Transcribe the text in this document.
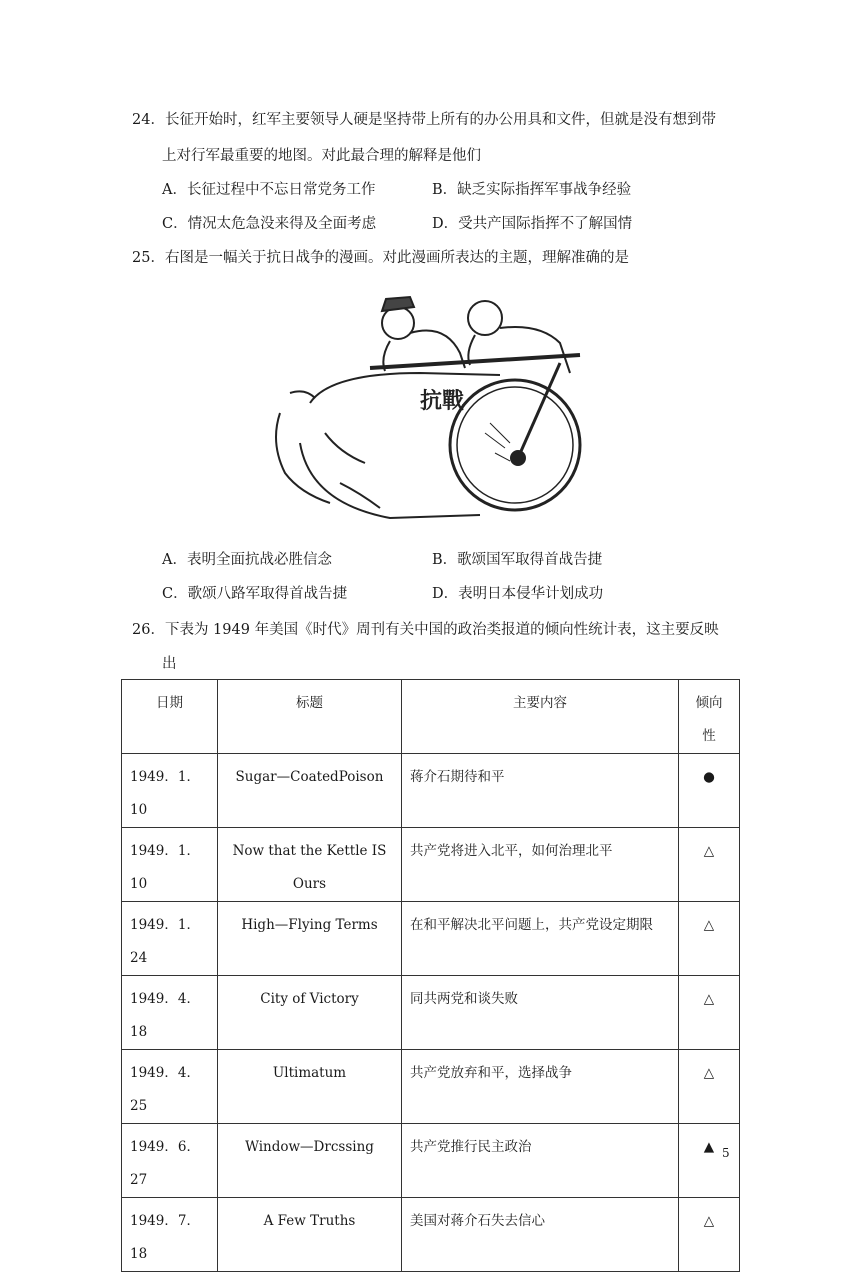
24．长征开始时，红军主要领导人硬是坚持带上所有的办公用具和文件，但就是没有想到带
上对行军最重要的地图。对此最合理的解释是他们
A．长征过程中不忘日常党务工作	B．缺乏实际指挥军事战争经验
C．情况太危急没来得及全面考虑	D．受共产国际指挥不了解国情
25．右图是一幅关于抗日战争的漫画。对此漫画所表达的主题，理解准确的是
抗戰
A．表明全面抗战必胜信念	B．歌颂国军取得首战告捷
C．歌颂八路军取得首战告捷	D．表明日本侵华计划成功
26．下表为 1949 年美国《时代》周刊有关中国的政治类报道的倾向性统计表，这主要反映
出
日期	标题	主要内容	倾向性
1949．1．10	Sugar—CoatedPoison	蒋介石期待和平	●
1949．1．10	Now that the Kettle IS Ours	共产党将进入北平，如何治理北平	△
1949．1．24	High—Flying Terms	在和平解决北平问题上，共产党设定期限	△
1949．4．18	City of Victory	同共两党和谈失败	△
1949．4．25	Ultimatum	共产党放弃和平，选择战争	△
1949．6．27	Window—Drcssing	共产党推行民主政治	▲
1949．7．18	A Few Truths	美国对蒋介石失去信心	△
5
